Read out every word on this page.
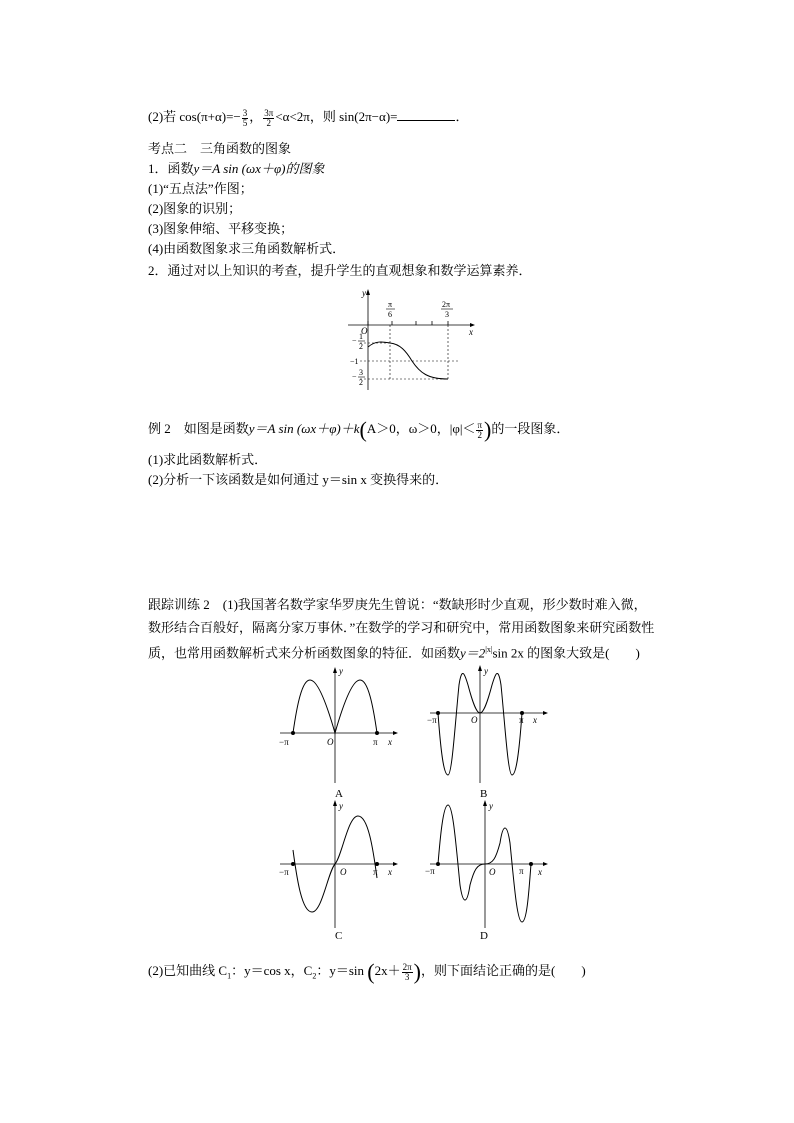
(2)若 $\cos(\pi+\alpha)=- \frac{3}{5}$ ， $\frac{3\pi}{2} <\alpha<2\pi$，则 sin(2π−α)=	．
考点二　三角函数的图象
1．函数y＝A sin (ωx＋φ)的图象
(1)“五点法”作图；
(2)图象的识别；
(3)图象伸缩、平移变换；
(4)由函数图象求三角函数解析式．
2．通过对以上知识的考查，提升学生的直观想象和数学运算素养．
y
x
O
π
6
2π
3
− 1
2
−1
− 3
2
例 2　如图是函数y＝A sin (ωx＋φ)＋k(A＞0，ω＞0，$|\varphi|< \frac{\pi}{2}$ )的一段图象．
(1)求此函数解析式．
(2)分析一下该函数是如何通过 y＝sin x 变换得来的．
跟踪训练 2　(1)我国著名数学家华罗庚先生曾说：“数缺形时少直观，形少数时难入微，
数形结合百般好，隔离分家万事休．”在数学的学习和研究中，常用函数图象来研究函数性
质，也常用函数解析式来分析函数图象的特征．如函数$y=2^{|x|}\sin$ 2x 的图象大致是( )
−π	π
O	x
y
A
−π	π
O	x
y
B
−π	π
O	x
y
C
−π	π
O	x
y
D
(2)已知曲线 $C_1$：y＝cos x，$C_2$：y＝sin ($2x+ \frac{2\pi}{3}$ )，则下面结论正确的是( )
